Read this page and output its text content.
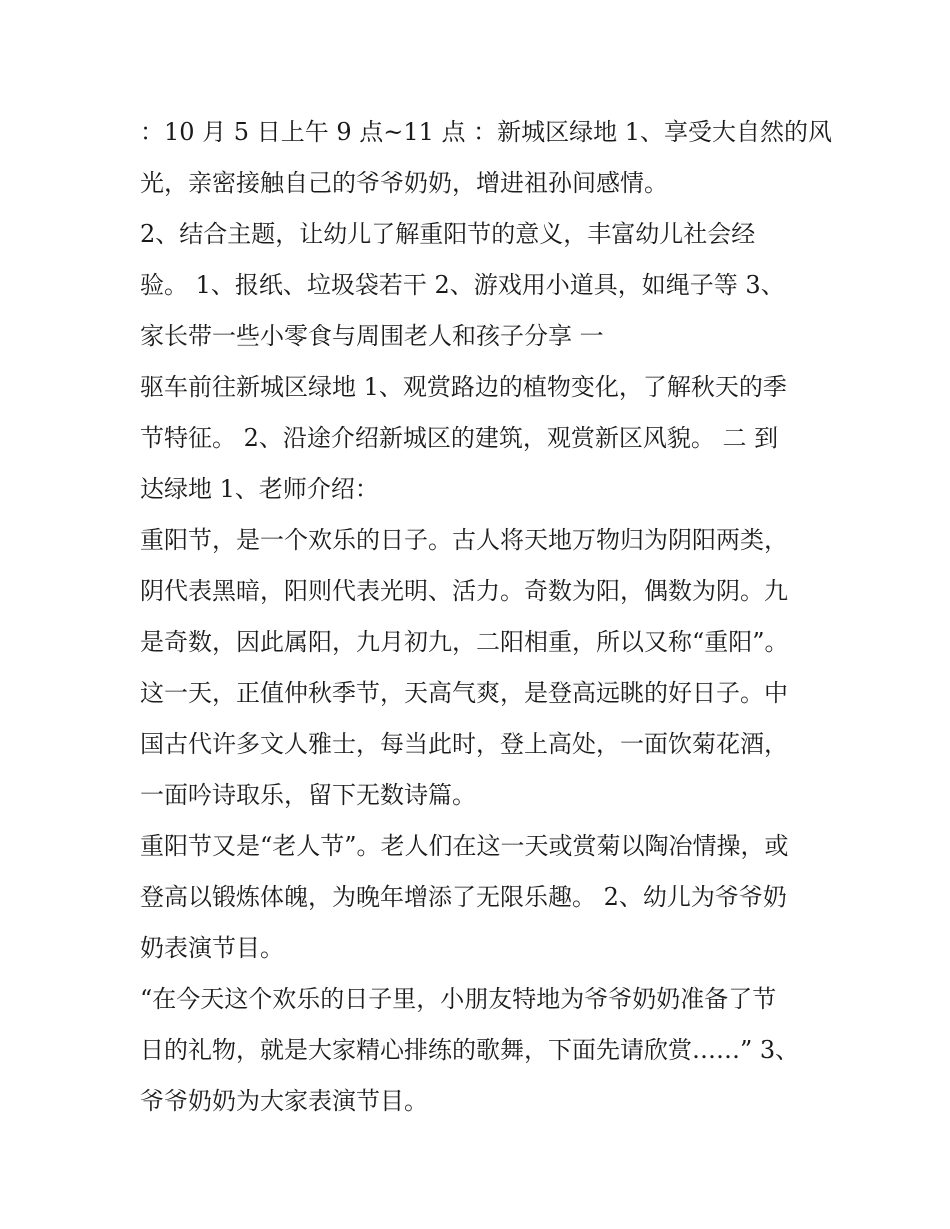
：10 月 5 日上午 9 点~11 点 ：新城区绿地 1、享受大自然的风
光，亲密接触自己的爷爷奶奶，增进祖孙间感情。
2、结合主题，让幼儿了解重阳节的意义，丰富幼儿社会经
验。 1、报纸、垃圾袋若干 2、游戏用小道具，如绳子等 3、
家长带一些小零食与周围老人和孩子分享 一
驱车前往新城区绿地 1、观赏路边的植物变化，了解秋天的季
节特征。 2、沿途介绍新城区的建筑，观赏新区风貌。 二 到
达绿地 1、老师介绍：
重阳节，是一个欢乐的日子。古人将天地万物归为阴阳两类，
阴代表黑暗，阳则代表光明、活力。奇数为阳，偶数为阴。九
是奇数，因此属阳，九月初九，二阳相重，所以又称“重阳”。
这一天，正值仲秋季节，天高气爽，是登高远眺的好日子。中
国古代许多文人雅士，每当此时，登上高处，一面饮菊花酒，
一面吟诗取乐，留下无数诗篇。
重阳节又是“老人节”。老人们在这一天或赏菊以陶冶情操，或
登高以锻炼体魄，为晚年增添了无限乐趣。 2、幼儿为爷爷奶
奶表演节目。
“在今天这个欢乐的日子里，小朋友特地为爷爷奶奶准备了节
日的礼物，就是大家精心排练的歌舞，下面先请欣赏……” 3、
爷爷奶奶为大家表演节目。
